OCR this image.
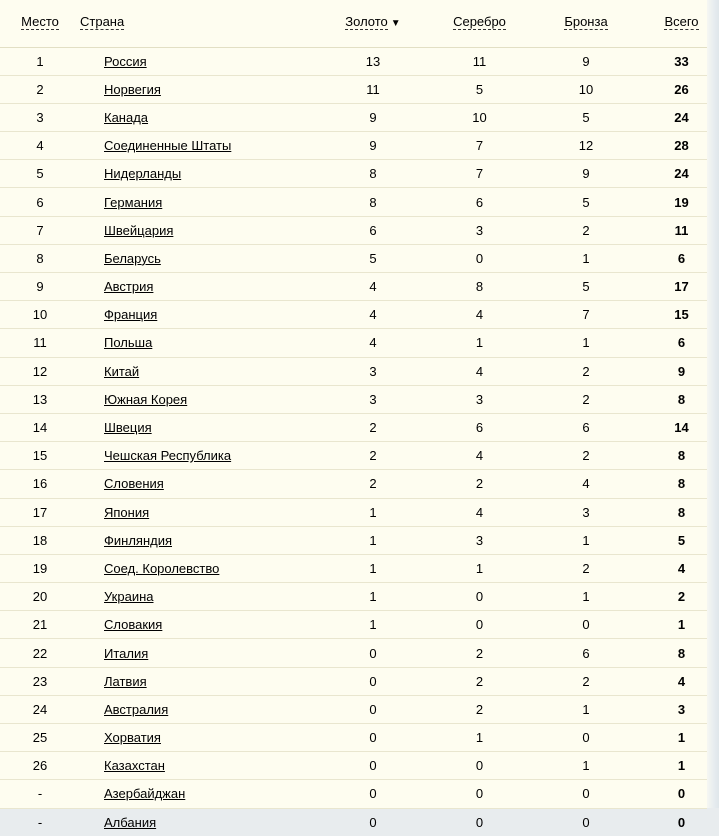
Место	Страна	Золото ▼	Серебро	Бронза	Всего
1	Россия	13	11	9	33
2	Норвегия	11	5	10	26
3	Канада	9	10	5	24
4	Соединенные Штаты	9	7	12	28
5	Нидерланды	8	7	9	24
6	Германия	8	6	5	19
7	Швейцария	6	3	2	11
8	Беларусь	5	0	1	6
9	Австрия	4	8	5	17
10	Франция	4	4	7	15
11	Польша	4	1	1	6
12	Китай	3	4	2	9
13	Южная Корея	3	3	2	8
14	Швеция	2	6	6	14
15	Чешская Республика	2	4	2	8
16	Словения	2	2	4	8
17	Япония	1	4	3	8
18	Финляндия	1	3	1	5
19	Соед. Королевство	1	1	2	4
20	Украина	1	0	1	2
21	Словакия	1	0	0	1
22	Италия	0	2	6	8
23	Латвия	0	2	2	4
24	Австралия	0	2	1	3
25	Хорватия	0	1	0	1
26	Казахстан	0	0	1	1
-	Азербайджан	0	0	0	0
-	Албания	0	0	0	0
